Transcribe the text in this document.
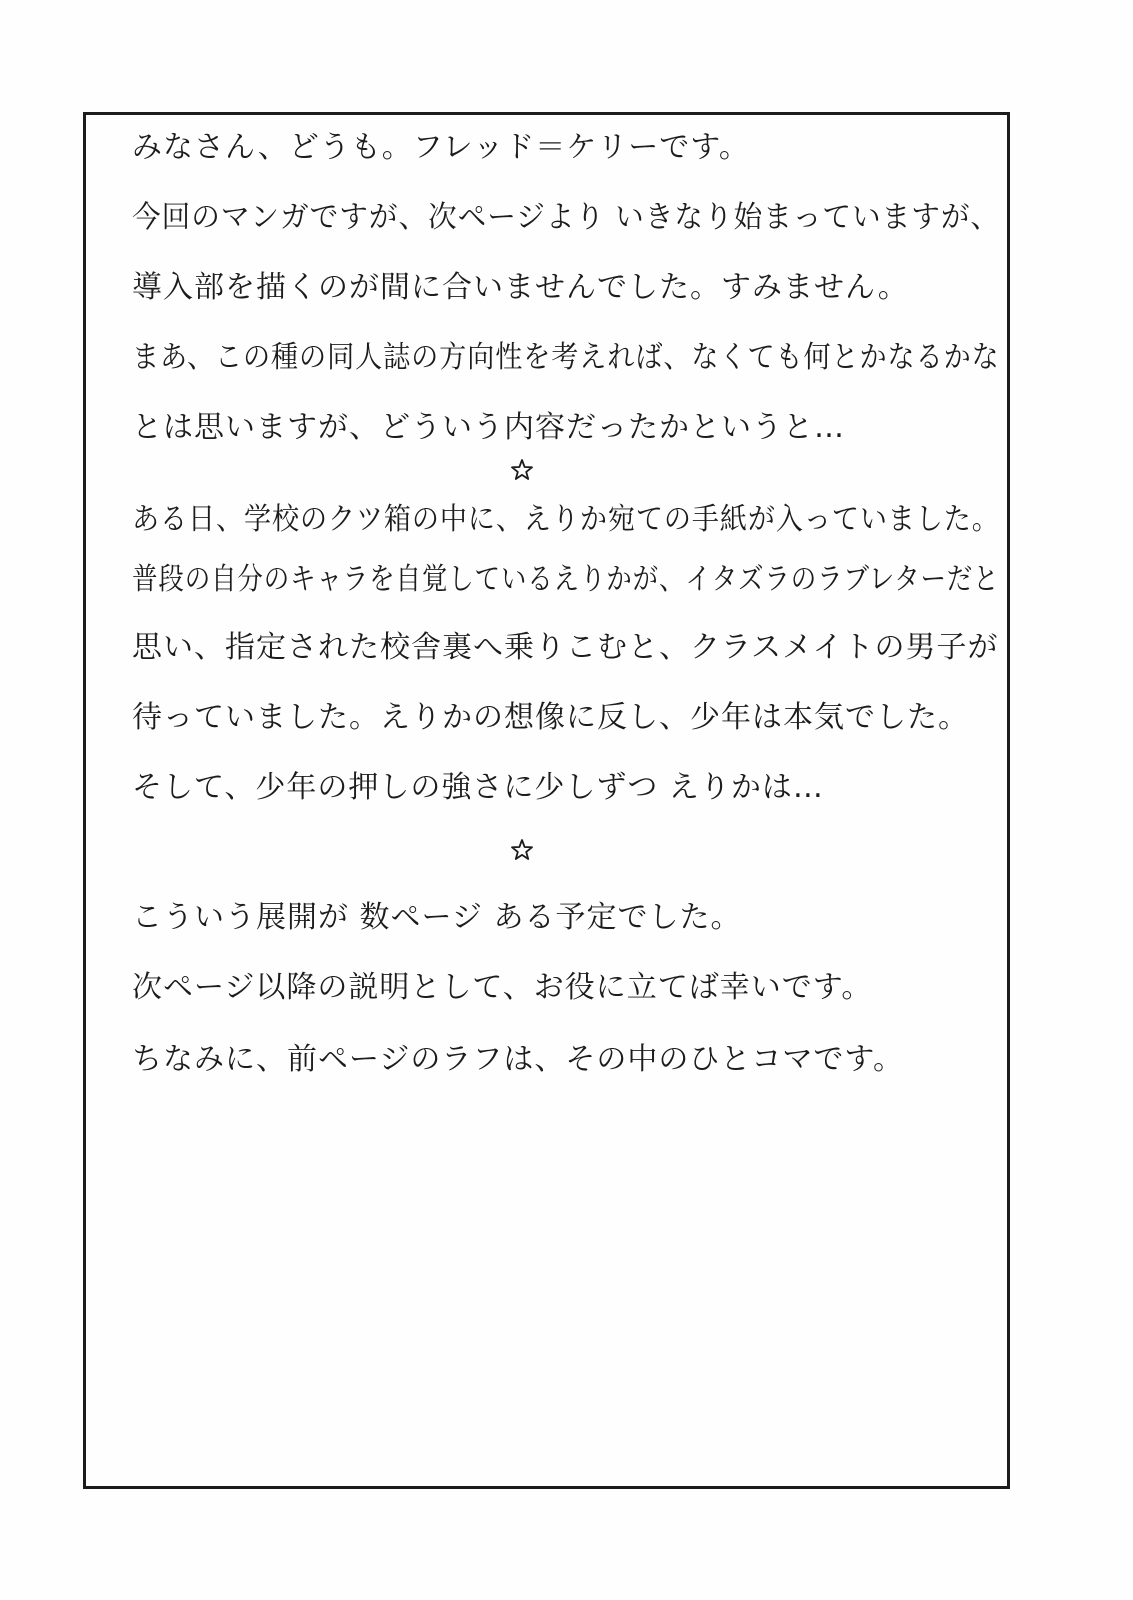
みなさん、どうも。フレッド＝ケリーです。
今回のマンガですが、次ページより いきなり始まっていますが、
導入部を描くのが間に合いませんでした。すみません。
まあ、この種の同人誌の方向性を考えれば、なくても何とかなるかな
とは思いますが、どういう内容だったかというと…
ある日、学校のクツ箱の中に、えりか宛ての手紙が入っていました。
普段の自分のキャラを自覚しているえりかが、イタズラのラブレターだと
思い、指定された校舎裏へ乗りこむと、クラスメイトの男子が
待っていました。えりかの想像に反し、少年は本気でした。
そして、少年の押しの強さに少しずつ えりかは…
こういう展開が 数ページ ある予定でした。
次ページ以降の説明として、お役に立てば幸いです。
ちなみに、前ページのラフは、その中のひとコマです。
